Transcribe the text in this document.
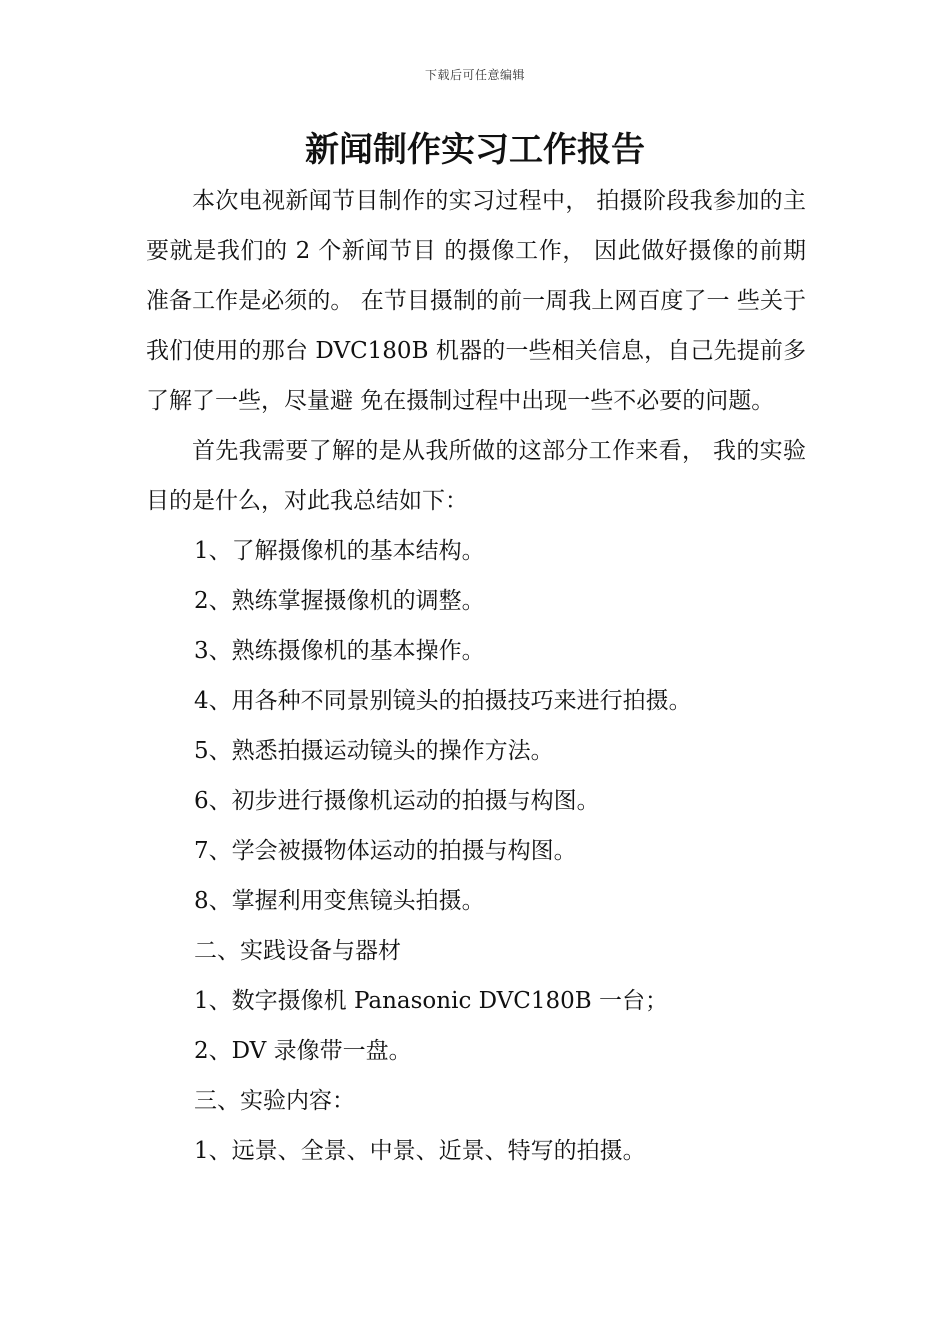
下载后可任意编辑
新闻制作实习工作报告

本次电视新闻节目制作的实习过程中， 拍摄阶段我参加的主要就是我们的 2 个新闻节目 的摄像工作， 因此做好摄像的前期准备工作是必须的。 在节目摄制的前一周我上网百度了一 些关于我们使用的那台 DVC180B 机器的一些相关信息，自己先提前多了解了一些，尽量避 免在摄制过程中出现一些不必要的问题。

首先我需要了解的是从我所做的这部分工作来看， 我的实验目的是什么，对此我总结如下：

1、了解摄像机的基本结构。

2、熟练掌握摄像机的调整。

3、熟练摄像机的基本操作。

4、用各种不同景别镜头的拍摄技巧来进行拍摄。

5、熟悉拍摄运动镜头的操作方法。

6、初步进行摄像机运动的拍摄与构图。

7、学会被摄物体运动的拍摄与构图。

8、掌握利用变焦镜头拍摄。

二、实践设备与器材

1、数字摄像机 Panasonic DVC180B 一台；

2、DV 录像带一盘。

三、实验内容：

1、远景、全景、中景、近景、特写的拍摄。
